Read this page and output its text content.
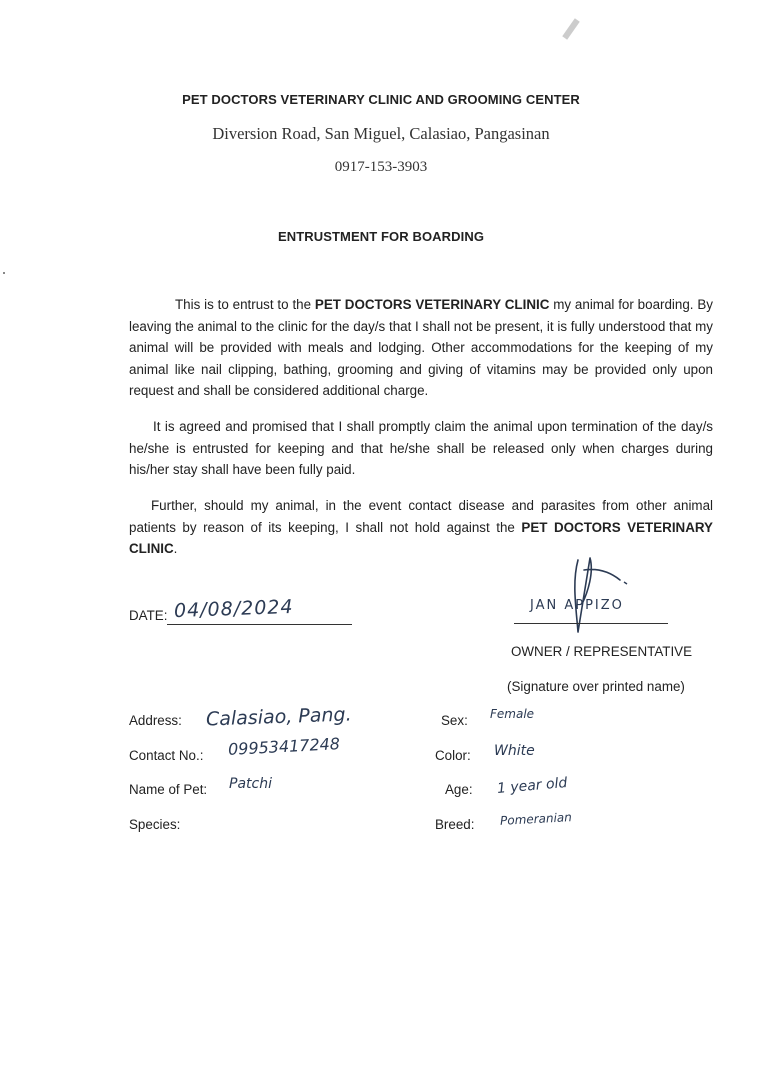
PET DOCTORS VETERINARY CLINIC AND GROOMING CENTER
Diversion Road, San Miguel, Calasiao, Pangasinan
0917-153-3903
ENTRUSTMENT FOR BOARDING

This is to entrust to the PET DOCTORS VETERINARY CLINIC my animal for boarding. By leaving the animal to the clinic for the day/s that I shall not be present, it is fully understood that my animal will be provided with meals and lodging. Other accommodations for the keeping of my animal like nail clipping, bathing, grooming and giving of vitamins may be provided only upon request and shall be considered additional charge.

It is agreed and promised that I shall promptly claim the animal upon termination of the day/s he/she is entrusted for keeping and that he/she shall be released only when charges during his/her stay shall have been fully paid.

Further, should my animal, in the event contact disease and parasites from other animal patients by reason of its keeping, I shall not hold against the PET DOCTORS VETERINARY CLINIC.

DATE: 04/08/2024	JAN APPIZO
OWNER / REPRESENTATIVE
(Signature over printed name)
Address: Calasiao, Pang.
Contact No.: 09953417248
Name of Pet: Patchi
Species:
Sex: Female
Color: White
Age: 1 year old
Breed: Pomeranian
